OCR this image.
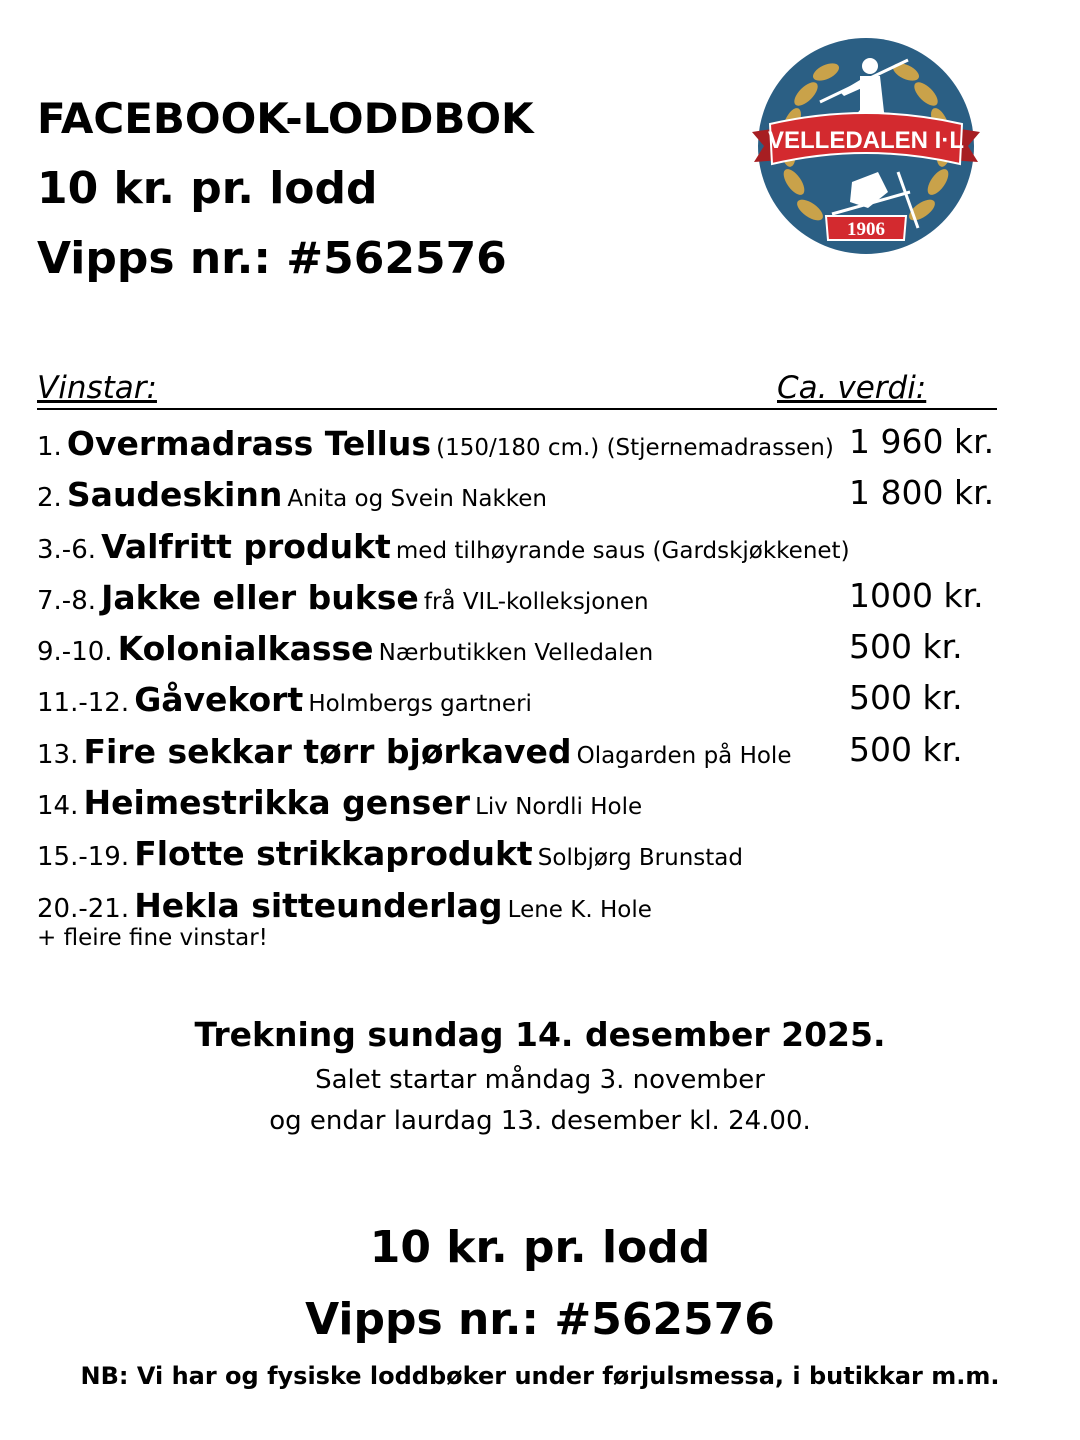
FACEBOOK-LODDBOK
10 kr. pr. lodd
Vipps nr.: #562576
VELLEDALEN I·L
1906
Vinstar:	Ca. verdi:
1. Overmadrass Tellus (150/180 cm.) (Stjernemadrassen) 1 960 kr.
2. Saudeskinn Anita og Svein Nakken	1 800 kr.
3.-6. Valfritt produkt med tilhøyrande saus (Gardskjøkkenet)
7.-8. Jakke eller bukse frå VIL-kolleksjonen	1000 kr.
9.-10. Kolonialkasse Nærbutikken Velledalen	500 kr.
11.-12. Gåvekort Holmbergs gartneri	500 kr.
13. Fire sekkar tørr bjørkaved Olagarden på Hole 500 kr.
14. Heimestrikka genser Liv Nordli Hole
15.-19. Flotte strikkaprodukt Solbjørg Brunstad
20.-21. Hekla sitteunderlag Lene K. Hole
+ fleire fine vinstar!
Trekning sundag 14. desember 2025.
Salet startar måndag 3. november
og endar laurdag 13. desember kl. 24.00.
10 kr. pr. lodd
Vipps nr.: #562576
NB: Vi har og fysiske loddbøker under førjulsmessa, i butikkar m.m.
